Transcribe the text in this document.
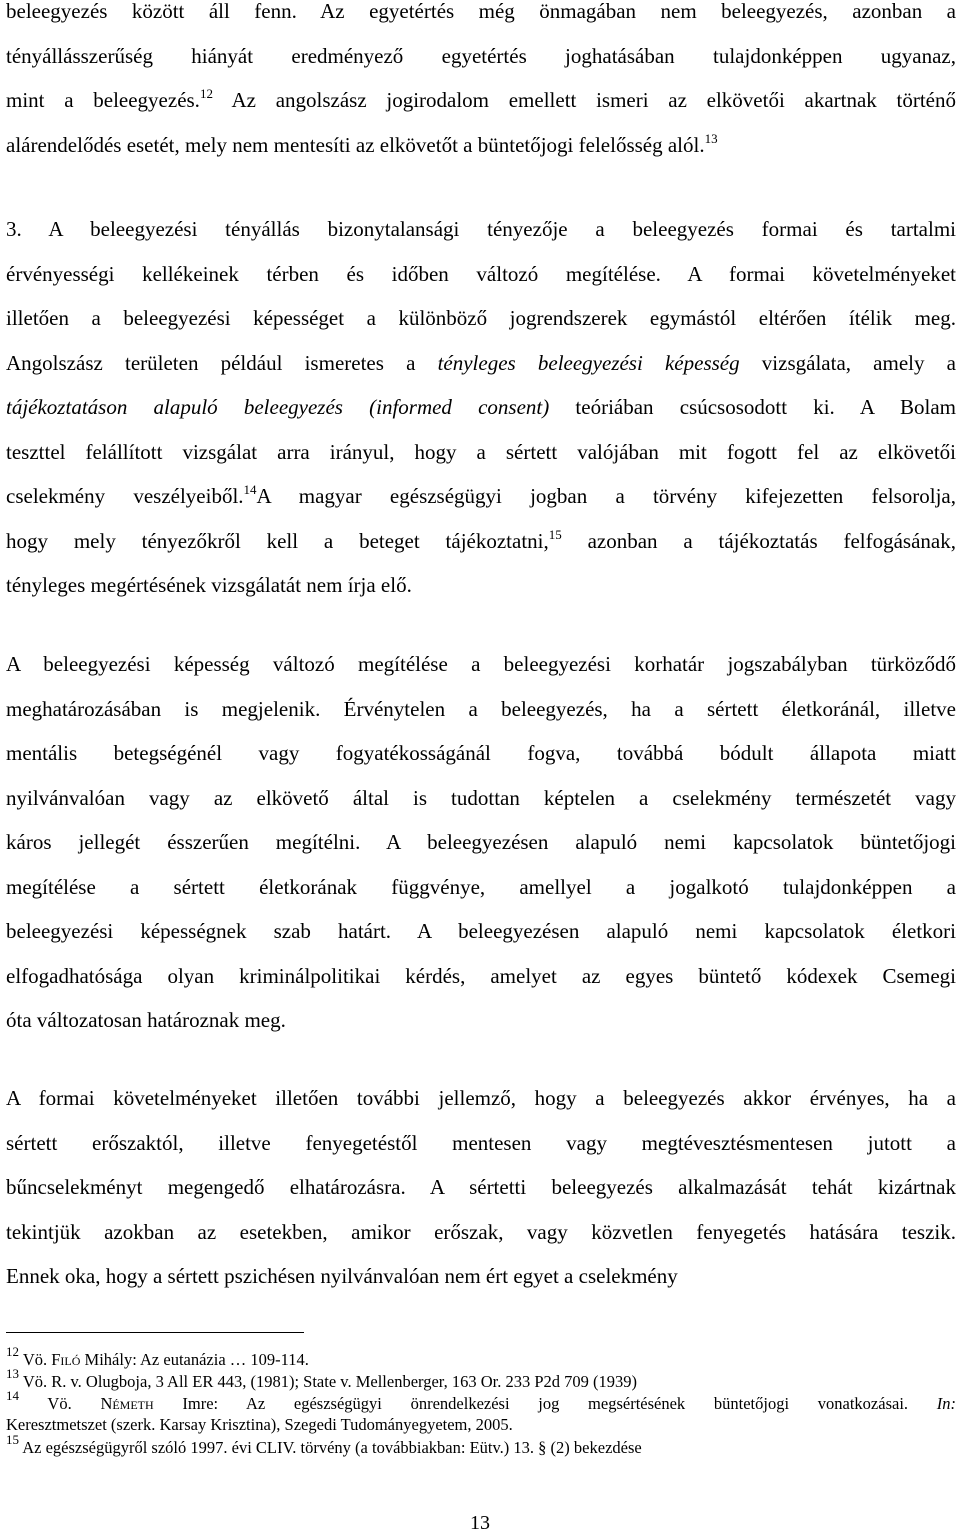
beleegyezés között áll fenn. Az egyetértés még önmagában nem beleegyezés, azonban a
tényállásszerűség hiányát eredményező egyetértés joghatásában tulajdonképpen ugyanaz,
mint a beleegyezés.$^{12}$ Az angolszász jogirodalom emellett ismeri az elkövetői akartnak történő
alárendelődés esetét, mely nem mentesíti az elkövetőt a büntetőjogi felelősség alól.$^{13}$

3. A beleegyezési tényállás bizonytalansági tényezője a beleegyezés formai és tartalmi
érvényességi kellékeinek térben és időben változó megítélése. A formai követelményeket
illetően a beleegyezési képességet a különböző jogrendszerek egymástól eltérően ítélik meg.
Angolszász területen például ismeretes a tényleges beleegyezési képesség vizsgálata, amely a
tájékoztatáson alapuló beleegyezés (informed consent) teóriában csúcsosodott ki. A Bolam
teszttel felállított vizsgálat arra irányul, hogy a sértett valójában mit fogott fel az elkövetői
cselekmény veszélyeiből.$^{14}$A magyar egészségügyi jogban a törvény kifejezetten felsorolja,
hogy mely tényezőkről kell a beteget tájékoztatni,$^{15}$ azonban a tájékoztatás felfogásának,
tényleges megértésének vizsgálatát nem írja elő.

A beleegyezési képesség változó megítélése a beleegyezési korhatár jogszabályban türköződő
meghatározásában is megjelenik. Érvénytelen a beleegyezés, ha a sértett életkoránál, illetve
mentális betegségénél vagy fogyatékosságánál fogva, továbbá bódult állapota miatt
nyilvánvalóan vagy az elkövető által is tudottan képtelen a cselekmény természetét vagy
káros jellegét ésszerűen megítélni. A beleegyezésen alapuló nemi kapcsolatok büntetőjogi
megítélése a sértett életkorának függvénye, amellyel a jogalkotó tulajdonképpen a
beleegyezési képességnek szab határt. A beleegyezésen alapuló nemi kapcsolatok életkori
elfogadhatósága olyan kriminálpolitikai kérdés, amelyet az egyes büntető kódexek Csemegi
óta változatosan határoznak meg.

A formai követelményeket illetően további jellemző, hogy a beleegyezés akkor érvényes, ha a
sértett erőszaktól, illetve fenyegetéstől mentesen vagy megtévesztésmentesen jutott a
bűncselekményt megengedő elhatározásra. A sértetti beleegyezés alkalmazását tehát kizártnak
tekintjük azokban az esetekben, amikor erőszak, vagy közvetlen fenyegetés hatására teszik.
Ennek oka, hogy a sértett pszichésen nyilvánvalóan nem ért egyet a cselekmény

$^{12}$ Vö. Filó Mihály: Az eutanázia … 109-114.

$^{13}$ Vö. R. v. Olugboja, 3 All ER 443, (1981); State v. Mellenberger, 163 Or. 233 P2d 709 (1939)

$^{14}$ Vö. Németh Imre: Az egészségügyi önrendelkezési jog megsértésének büntetőjogi vonatkozásai. In:
Keresztmetszet (szerk. Karsay Krisztina), Szegedi Tudományegyetem, 2005.

$^{15}$ Az egészségügyről szóló 1997. évi CLIV. törvény (a továbbiakban: Eütv.) 13. § (2) bekezdése

13
